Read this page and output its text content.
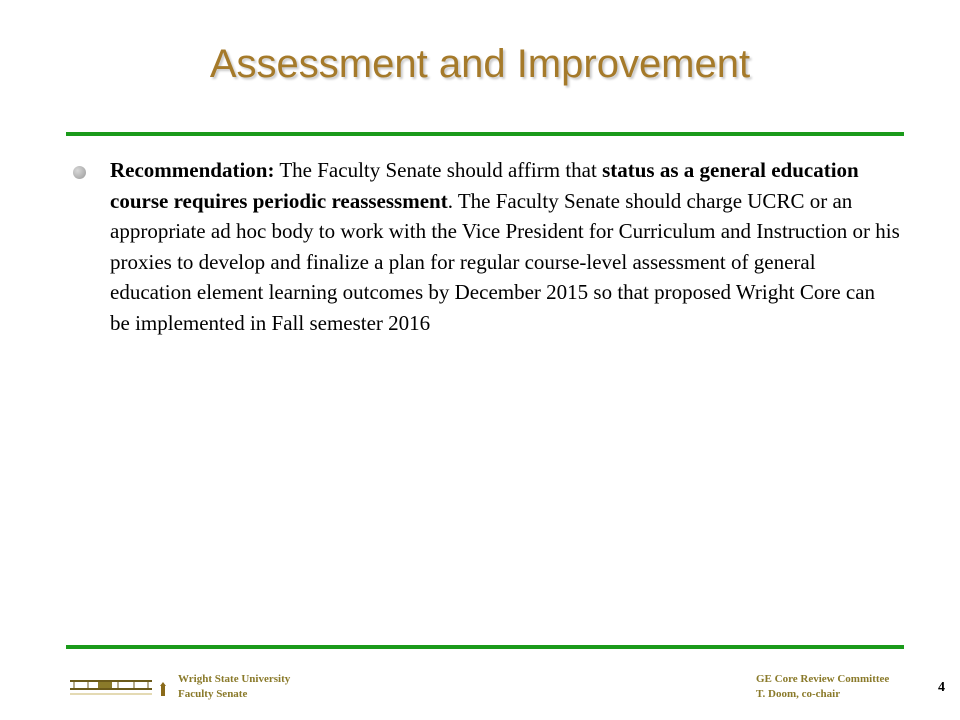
Assessment and Improvement
Recommendation: The Faculty Senate should affirm that status as a general education course requires periodic reassessment. The Faculty Senate should charge UCRC or an appropriate ad hoc body to work with the Vice President for Curriculum and Instruction or his proxies to develop and finalize a plan for regular course-level assessment of general education element learning outcomes by December 2015 so that proposed Wright Core can be implemented in Fall semester 2016
Wright State University
Faculty Senate
GE Core Review Committee
T. Doom, co-chair	4
